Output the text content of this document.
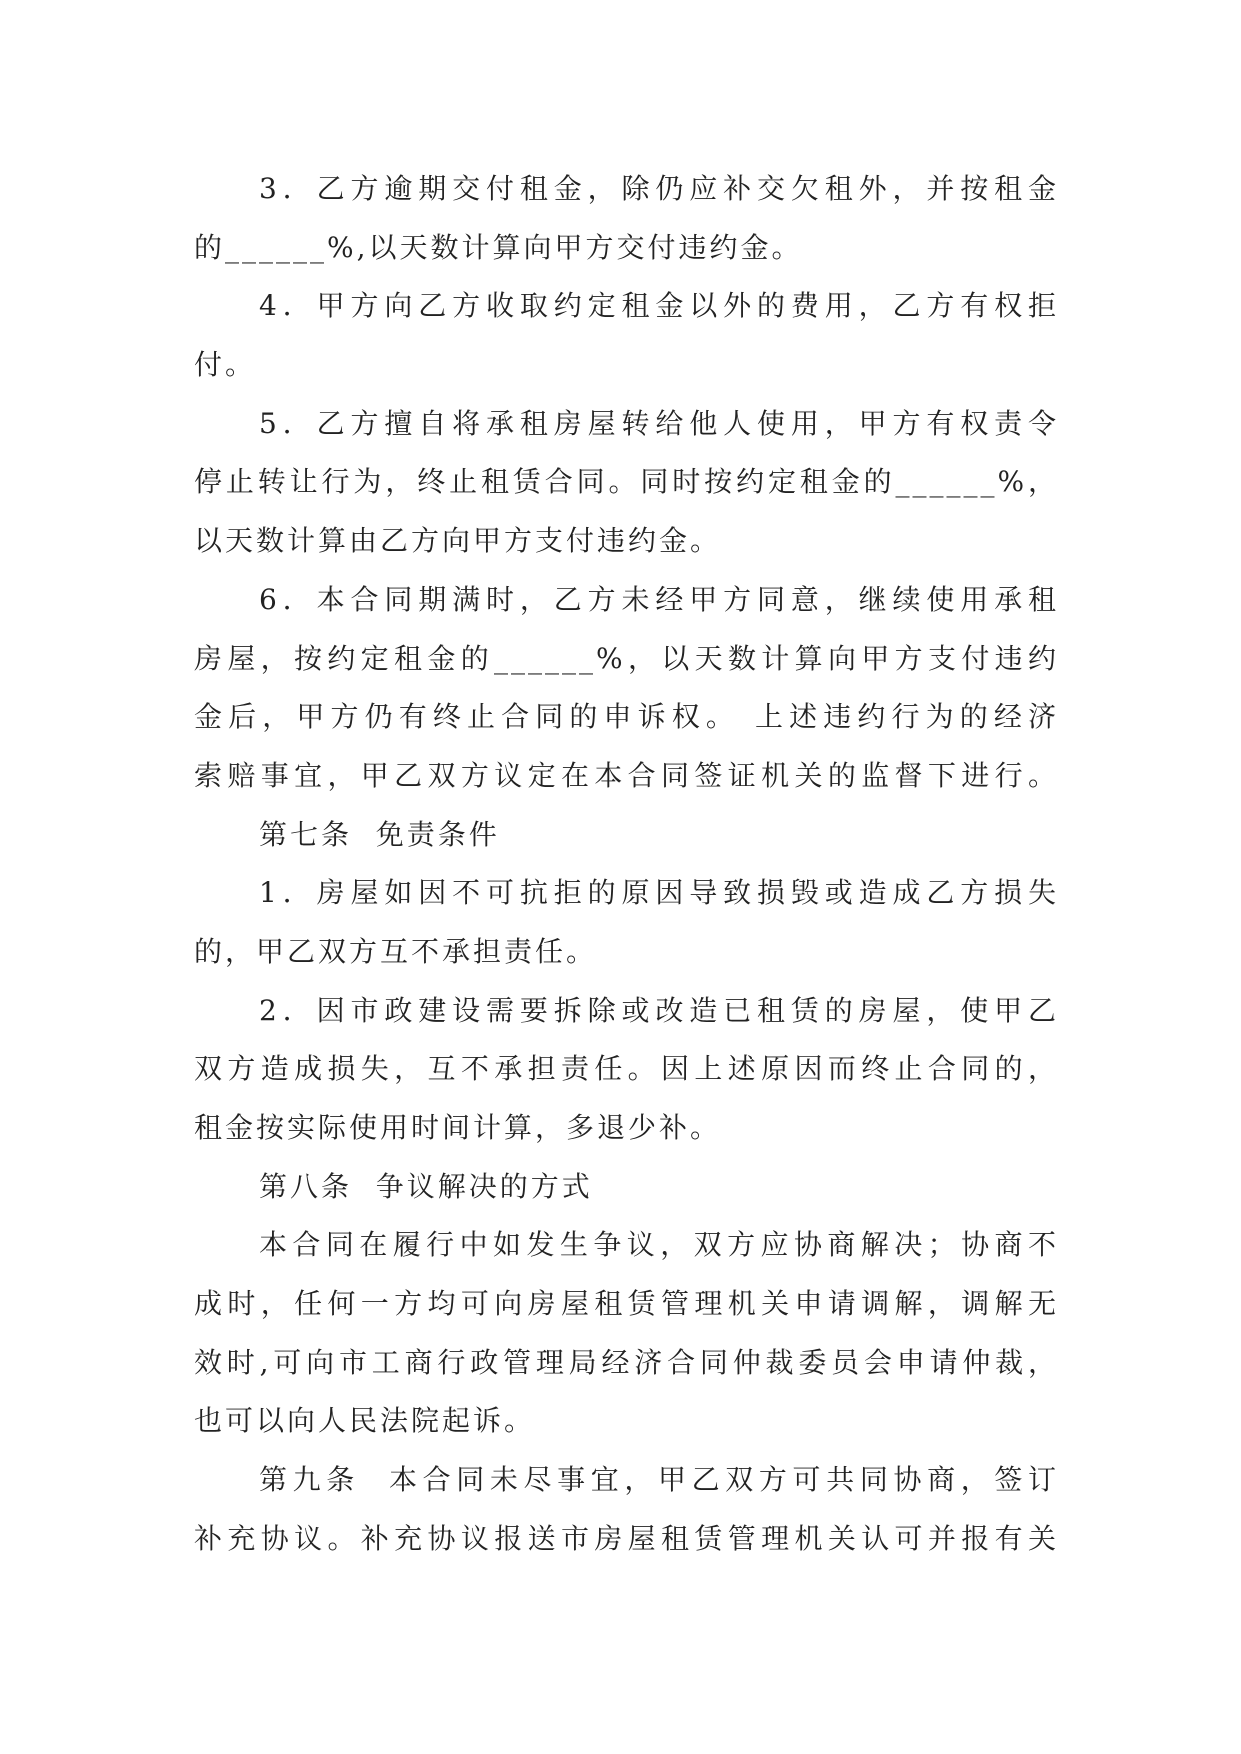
3．乙方逾期交付租金，除仍应补交欠租外，并按租金
的______%,以天数计算向甲方交付违约金。
4．甲方向乙方收取约定租金以外的费用，乙方有权拒
付。
5．乙方擅自将承租房屋转给他人使用，甲方有权责令
停止转让行为，终止租赁合同。同时按约定租金的______%，
以天数计算由乙方向甲方支付违约金。
6．本合同期满时，乙方未经甲方同意，继续使用承租
房屋，按约定租金的______%，以天数计算向甲方支付违约
金后，甲方仍有终止合同的申诉权。 上述违约行为的经济
索赔事宜，甲乙双方议定在本合同签证机关的监督下进行。
第七条  免责条件
1．房屋如因不可抗拒的原因导致损毁或造成乙方损失
的，甲乙双方互不承担责任。
2．因市政建设需要拆除或改造已租赁的房屋，使甲乙
双方造成损失，互不承担责任。因上述原因而终止合同的，
租金按实际使用时间计算，多退少补。
第八条  争议解决的方式
本合同在履行中如发生争议，双方应协商解决；协商不
成时，任何一方均可向房屋租赁管理机关申请调解，调解无
效时,可向市工商行政管理局经济合同仲裁委员会申请仲裁，
也可以向人民法院起诉。
第九条  本合同未尽事宜，甲乙双方可共同协商，签订
补充协议。补充协议报送市房屋租赁管理机关认可并报有关
